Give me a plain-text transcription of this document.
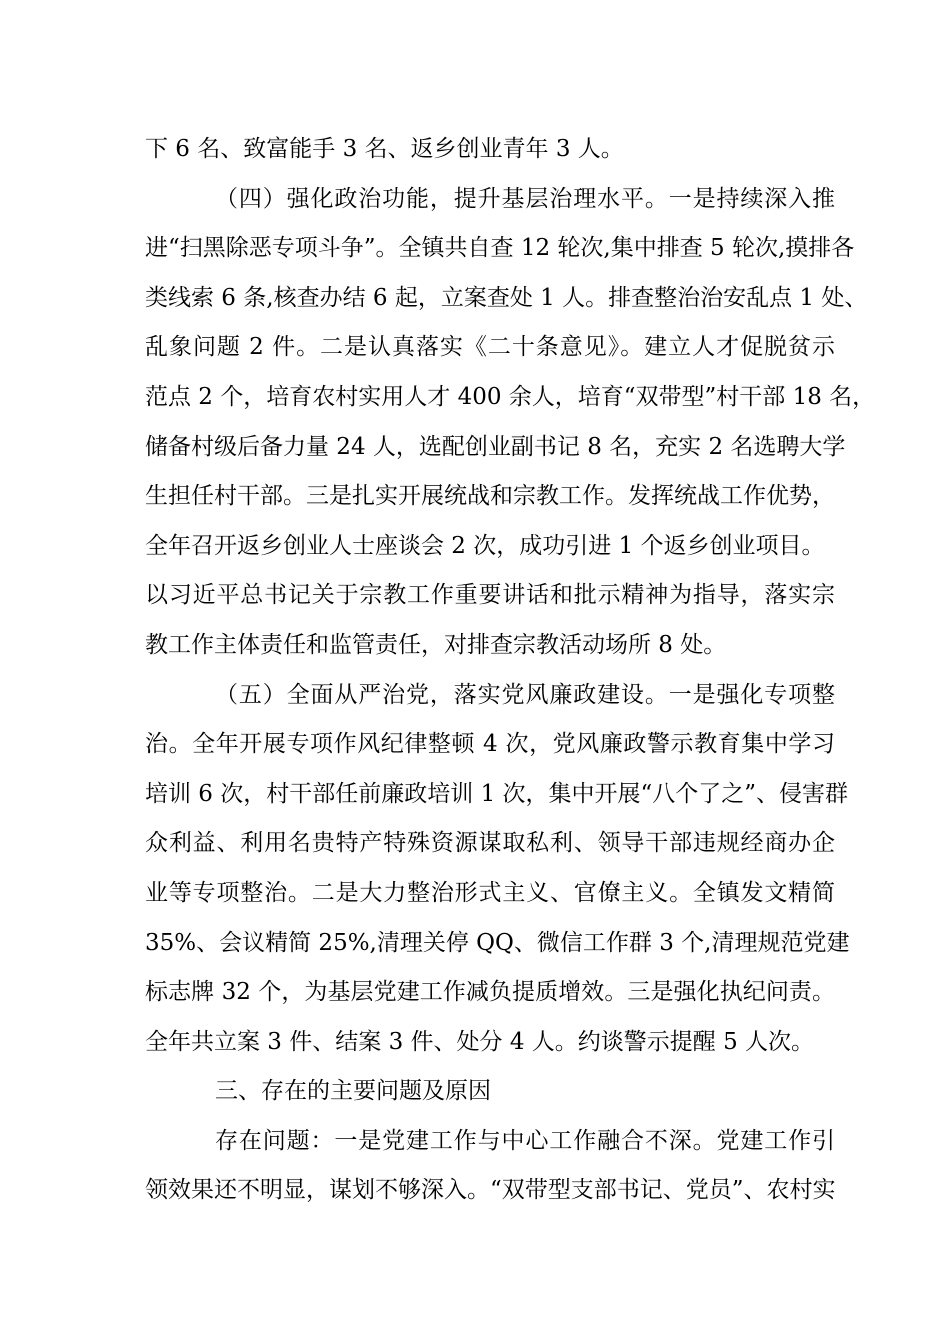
下 6 名、致富能手 3 名、返乡创业青年 3 人。
（四）强化政治功能，提升基层治理水平。一是持续深入推
进“扫黑除恶专项斗争”。全镇共自查 12 轮次,集中排查 5 轮次,摸排各
类线索 6 条,核查办结 6 起，立案查处 1 人。排查整治治安乱点 1 处、
乱象问题 2 件。二是认真落实《二十条意见》。建立人才促脱贫示
范点 2 个，培育农村实用人才 400 余人，培育“双带型”村干部 18 名，
储备村级后备力量 24 人，选配创业副书记 8 名，充实 2 名选聘大学
生担任村干部。三是扎实开展统战和宗教工作。发挥统战工作优势，
全年召开返乡创业人士座谈会 2 次，成功引进 1 个返乡创业项目。
以习近平总书记关于宗教工作重要讲话和批示精神为指导，落实宗
教工作主体责任和监管责任，对排查宗教活动场所 8 处。
（五）全面从严治党，落实党风廉政建设。一是强化专项整
治。全年开展专项作风纪律整顿 4 次，党风廉政警示教育集中学习
培训 6 次，村干部任前廉政培训 1 次，集中开展“八个了之”、侵害群
众利益、利用名贵特产特殊资源谋取私利、领导干部违规经商办企
业等专项整治。二是大力整治形式主义、官僚主义。全镇发文精简
35%、会议精简 25%,清理关停 QQ、微信工作群 3 个,清理规范党建
标志牌 32 个，为基层党建工作减负提质增效。三是强化执纪问责。
全年共立案 3 件、结案 3 件、处分 4 人。约谈警示提醒 5 人次。
三、存在的主要问题及原因
存在问题：一是党建工作与中心工作融合不深。党建工作引
领效果还不明显，谋划不够深入。“双带型支部书记、党员”、农村实
